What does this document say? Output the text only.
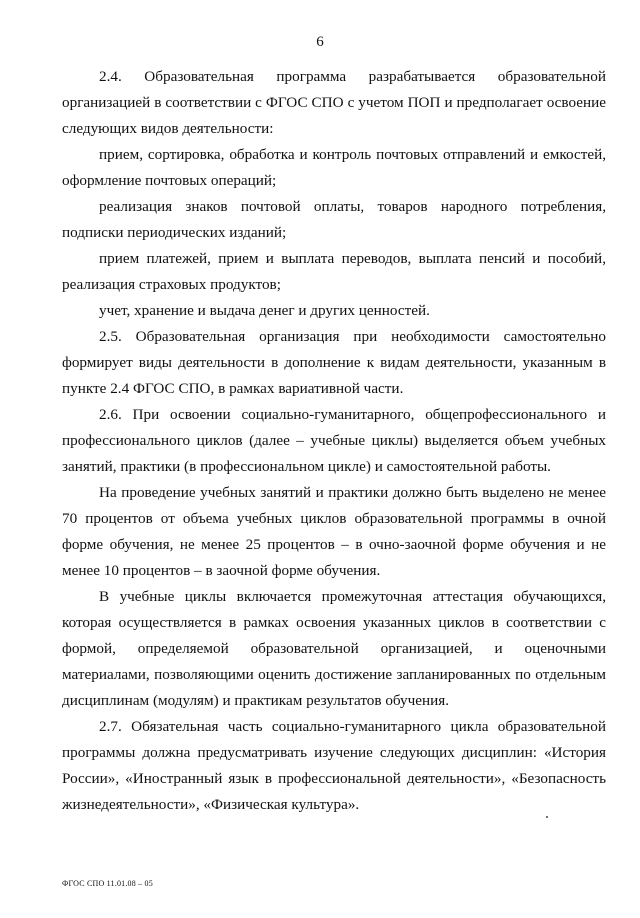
6

2.4. Образовательная программа разрабатывается образовательной организацией в соответствии с ФГОС СПО с учетом ПОП и предполагает освоение следующих видов деятельности:

прием, сортировка, обработка и контроль почтовых отправлений и емкостей, оформление почтовых операций;

реализация знаков почтовой оплаты, товаров народного потребления, подписки периодических изданий;

прием платежей, прием и выплата переводов, выплата пенсий и пособий, реализация страховых продуктов;

учет, хранение и выдача денег и других ценностей.

2.5. Образовательная организация при необходимости самостоятельно формирует виды деятельности в дополнение к видам деятельности, указанным в пункте 2.4 ФГОС СПО, в рамках вариативной части.

2.6. При освоении социально-гуманитарного, общепрофессионального и профессионального циклов (далее – учебные циклы) выделяется объем учебных занятий, практики (в профессиональном цикле) и самостоятельной работы.

На проведение учебных занятий и практики должно быть выделено не менее 70 процентов от объема учебных циклов образовательной программы в очной форме обучения, не менее 25 процентов – в очно-заочной форме обучения и не менее 10 процентов – в заочной форме обучения.

В учебные циклы включается промежуточная аттестация обучающихся, которая осуществляется в рамках освоения указанных циклов в соответствии с формой, определяемой образовательной организацией, и оценочными материалами, позволяющими оценить достижение запланированных по отдельным дисциплинам (модулям) и практикам результатов обучения.

2.7. Обязательная часть социально-гуманитарного цикла образовательной программы должна предусматривать изучение следующих дисциплин: «История России», «Иностранный язык в профессиональной деятельности», «Безопасность жизнедеятельности», «Физическая культура».

ФГОС СПО 11.01.08 – 05
